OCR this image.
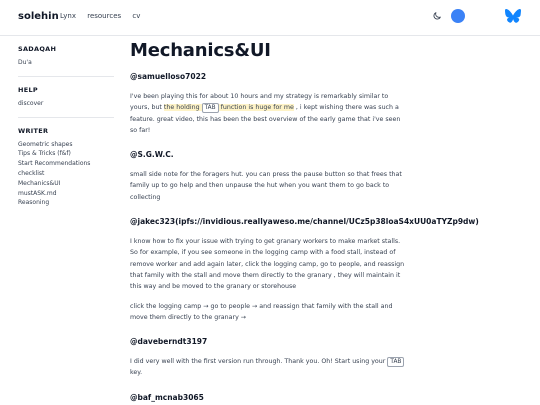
solehin Lynx resources cv
SADAQAH
Du'a
HELP
discover
WRITER
Geometric shapes
Tips & Tricks (f&f)
Start Recommendations
checklist
Mechanics&UI
mustASK.md
Reasoning
Mechanics&UI
@samuelloso7022
I've been playing this for about 10 hours and my strategy is remarkably similar to yours, but the holding TAB function is huge for me , i kept wishing there was such a feature. great video, this has been the best overview of the early game that i've seen so far!
@S.G.W.C.
small side note for the foragers hut. you can press the pause button so that frees that family up to go help and then unpause the hut when you want them to go back to collecting
@jakec323(ipfs://invidious.reallyaweso.me/channel/UCz5p38loaS4xUU0aTYZp9dw)
I know how to fix your issue with trying to get granary workers to make market stalls. So for example, if you see someone in the logging camp with a food stall, instead of remove worker and add again later, click the logging camp, go to people, and reassign that family with the stall and move them directly to the granary , they will maintain it this way and be moved to the granary or storehouse
click the logging camp → go to people → and reassign that family with the stall and move them directly to the granary →
@daveberndt3197
I did very well with the first version run through. Thank you. Oh! Start using your TAB key.
@baf_mcnab3065
